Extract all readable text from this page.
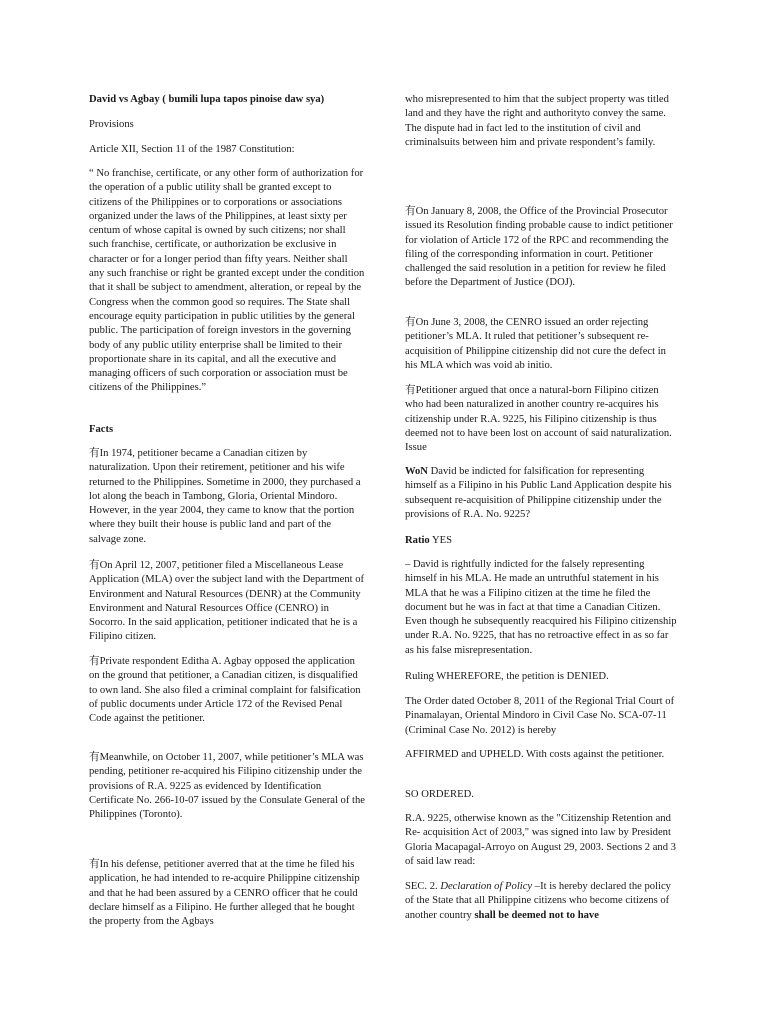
David vs Agbay ( bumili lupa tapos pinoise daw sya)

Provisions

Article XII, Section 11 of the 1987 Constitution:

“ No franchise, certificate, or any other form of authorization for the operation of a public utility shall be granted except to citizens of the Philippines or to corporations or associations organized under the laws of the Philippines, at least sixty per centum of whose capital is owned by such citizens; nor shall such franchise, certificate, or authorization be exclusive in character or for a longer period than fifty years. Neither shall any such franchise or right be granted except under the condition that it shall be subject to amendment, alteration, or repeal by the Congress when the common good so requires. The State shall encourage equity participation in public utilities by the general public. The participation of foreign investors in the governing body of any public utility enterprise shall be limited to their proportionate share in its capital, and all the executive and managing officers of such corporation or association must be citizens of the Philippines.”

Facts

有In 1974, petitioner became a Canadian citizen by naturalization. Upon their retirement, petitioner and his wife returned to the Philippines. Sometime in 2000, they purchased a lot along the beach in Tambong, Gloria, Oriental Mindoro. However, in the year 2004, they came to know that the portion where they built their house is public land and part of the salvage zone.

有On April 12, 2007, petitioner filed a Miscellaneous Lease Application (MLA) over the subject land with the Department of Environment and Natural Resources (DENR) at the Community Environment and Natural Resources Office (CENRO) in Socorro. In the said application, petitioner indicated that he is a Filipino citizen.

有Private respondent Editha A. Agbay opposed the application on the ground that petitioner, a Canadian citizen, is disqualified to own land. She also filed a criminal complaint for falsification of public documents under Article 172 of the Revised Penal Code against the petitioner.

有Meanwhile, on October 11, 2007, while petitioner’s MLA was pending, petitioner re-acquired his Filipino citizenship under the provisions of R.A. 9225 as evidenced by Identification Certificate No. 266-10-07 issued by the Consulate General of the Philippines (Toronto).

有In his defense, petitioner averred that at the time he filed his application, he had intended to re-acquire Philippine citizenship and that he had been assured by a CENRO officer that he could declare himself as a Filipino. He further alleged that he bought the property from the Agbays

who misrepresented to him that the subject property was titled land and they have the right and authorityto convey the same. The dispute had in fact led to the institution of civil and criminalsuits between him and private respondent’s family.

有On January 8, 2008, the Office of the Provincial Prosecutor issued its Resolution finding probable cause to indict petitioner for violation of Article 172 of the RPC and recommending the filing of the corresponding information in court. Petitioner challenged the said resolution in a petition for review he filed before the Department of Justice (DOJ).

有On June 3, 2008, the CENRO issued an order rejecting petitioner’s MLA. It ruled that petitioner’s subsequent re-acquisition of Philippine citizenship did not cure the defect in his MLA which was void ab initio.

有Petitioner argued that once a natural-born Filipino citizen who had been naturalized in another country re-acquires his citizenship under R.A. 9225, his Filipino citizenship is thus deemed not to have been lost on account of said naturalization. Issue

WoN David be indicted for falsification for representing himself as a Filipino in his Public Land Application despite his subsequent re-acquisition of Philippine citizenship under the provisions of R.A. No. 9225?

Ratio YES

– David is rightfully indicted for the falsely representing himself in his MLA. He made an untruthful statement in his MLA that he was a Filipino citizen at the time he filed the document but he was in fact at that time a Canadian Citizen. Even though he subsequently reacquired his Filipino citizenship under R.A. No. 9225, that has no retroactive effect in as so far as his false misrepresentation.

Ruling WHEREFORE, the petition is DENIED.

The Order dated October 8, 2011 of the Regional Trial Court of Pinamalayan, Oriental Mindoro in Civil Case No. SCA-07-11 (Criminal Case No. 2012) is hereby

AFFIRMED and UPHELD. With costs against the petitioner.

SO ORDERED.

R.A. 9225, otherwise known as the "Citizenship Retention and Re- acquisition Act of 2003," was signed into law by President Gloria Macapagal-Arroyo on August 29, 2003. Sections 2 and 3 of said law read:

SEC. 2. Declaration of Policy –It is hereby declared the policy of the State that all Philippine citizens who become citizens of another country shall be deemed not to have
